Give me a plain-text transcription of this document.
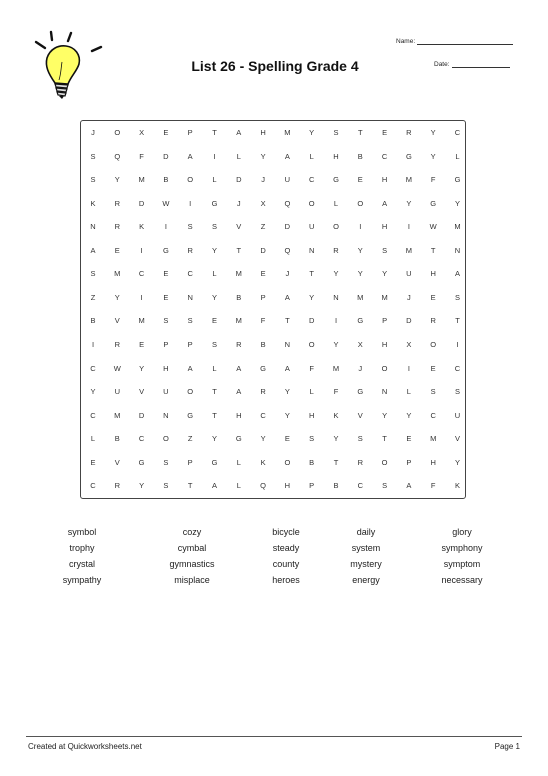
List 26 - Spelling Grade 4
Name:
Date:
J	O	X	E	P	T	A	H	M	Y	S	T	E	R	Y	C
S	Q	F	D	A	I	L	Y	A	L	H	B	C	G	Y	L
S	Y	M	B	O	L	D	J	U	C	G	E	H	M	F	G
K	R	D	W	I	G	J	X	Q	O	L	O	A	Y	G	Y
N	R	K	I	S	S	V	Z	D	U	O	I	H	I	W	M
A	E	I	G	R	Y	T	D	Q	N	R	Y	S	M	T	N
S	M	C	E	C	L	M	E	J	T	Y	Y	Y	U	H	A
Z	Y	I	E	N	Y	B	P	A	Y	N	M	M	J	E	S
B	V	M	S	S	E	M	F	T	D	I	G	P	D	R	T
I	R	E	P	P	S	R	B	N	O	Y	X	H	X	O	I
C	W	Y	H	A	L	A	G	A	F	M	J	O	I	E	C
Y	U	V	U	O	T	A	R	Y	L	F	G	N	L	S	S
C	M	D	N	G	T	H	C	Y	H	K	V	Y	Y	C	U
L	B	C	O	Z	Y	G	Y	E	S	Y	S	T	E	M	V
E	V	G	S	P	G	L	K	O	B	T	R	O	P	H	Y
C	R	Y	S	T	A	L	Q	H	P	B	C	S	A	F	K
symbol	cozy	bicycle	daily	glory
trophy	cymbal	steady	system	symphony
crystal	gymnastics	county	mystery	symptom
sympathy	misplace	heroes	energy	necessary
Created at Quickworksheets.net	Page 1
